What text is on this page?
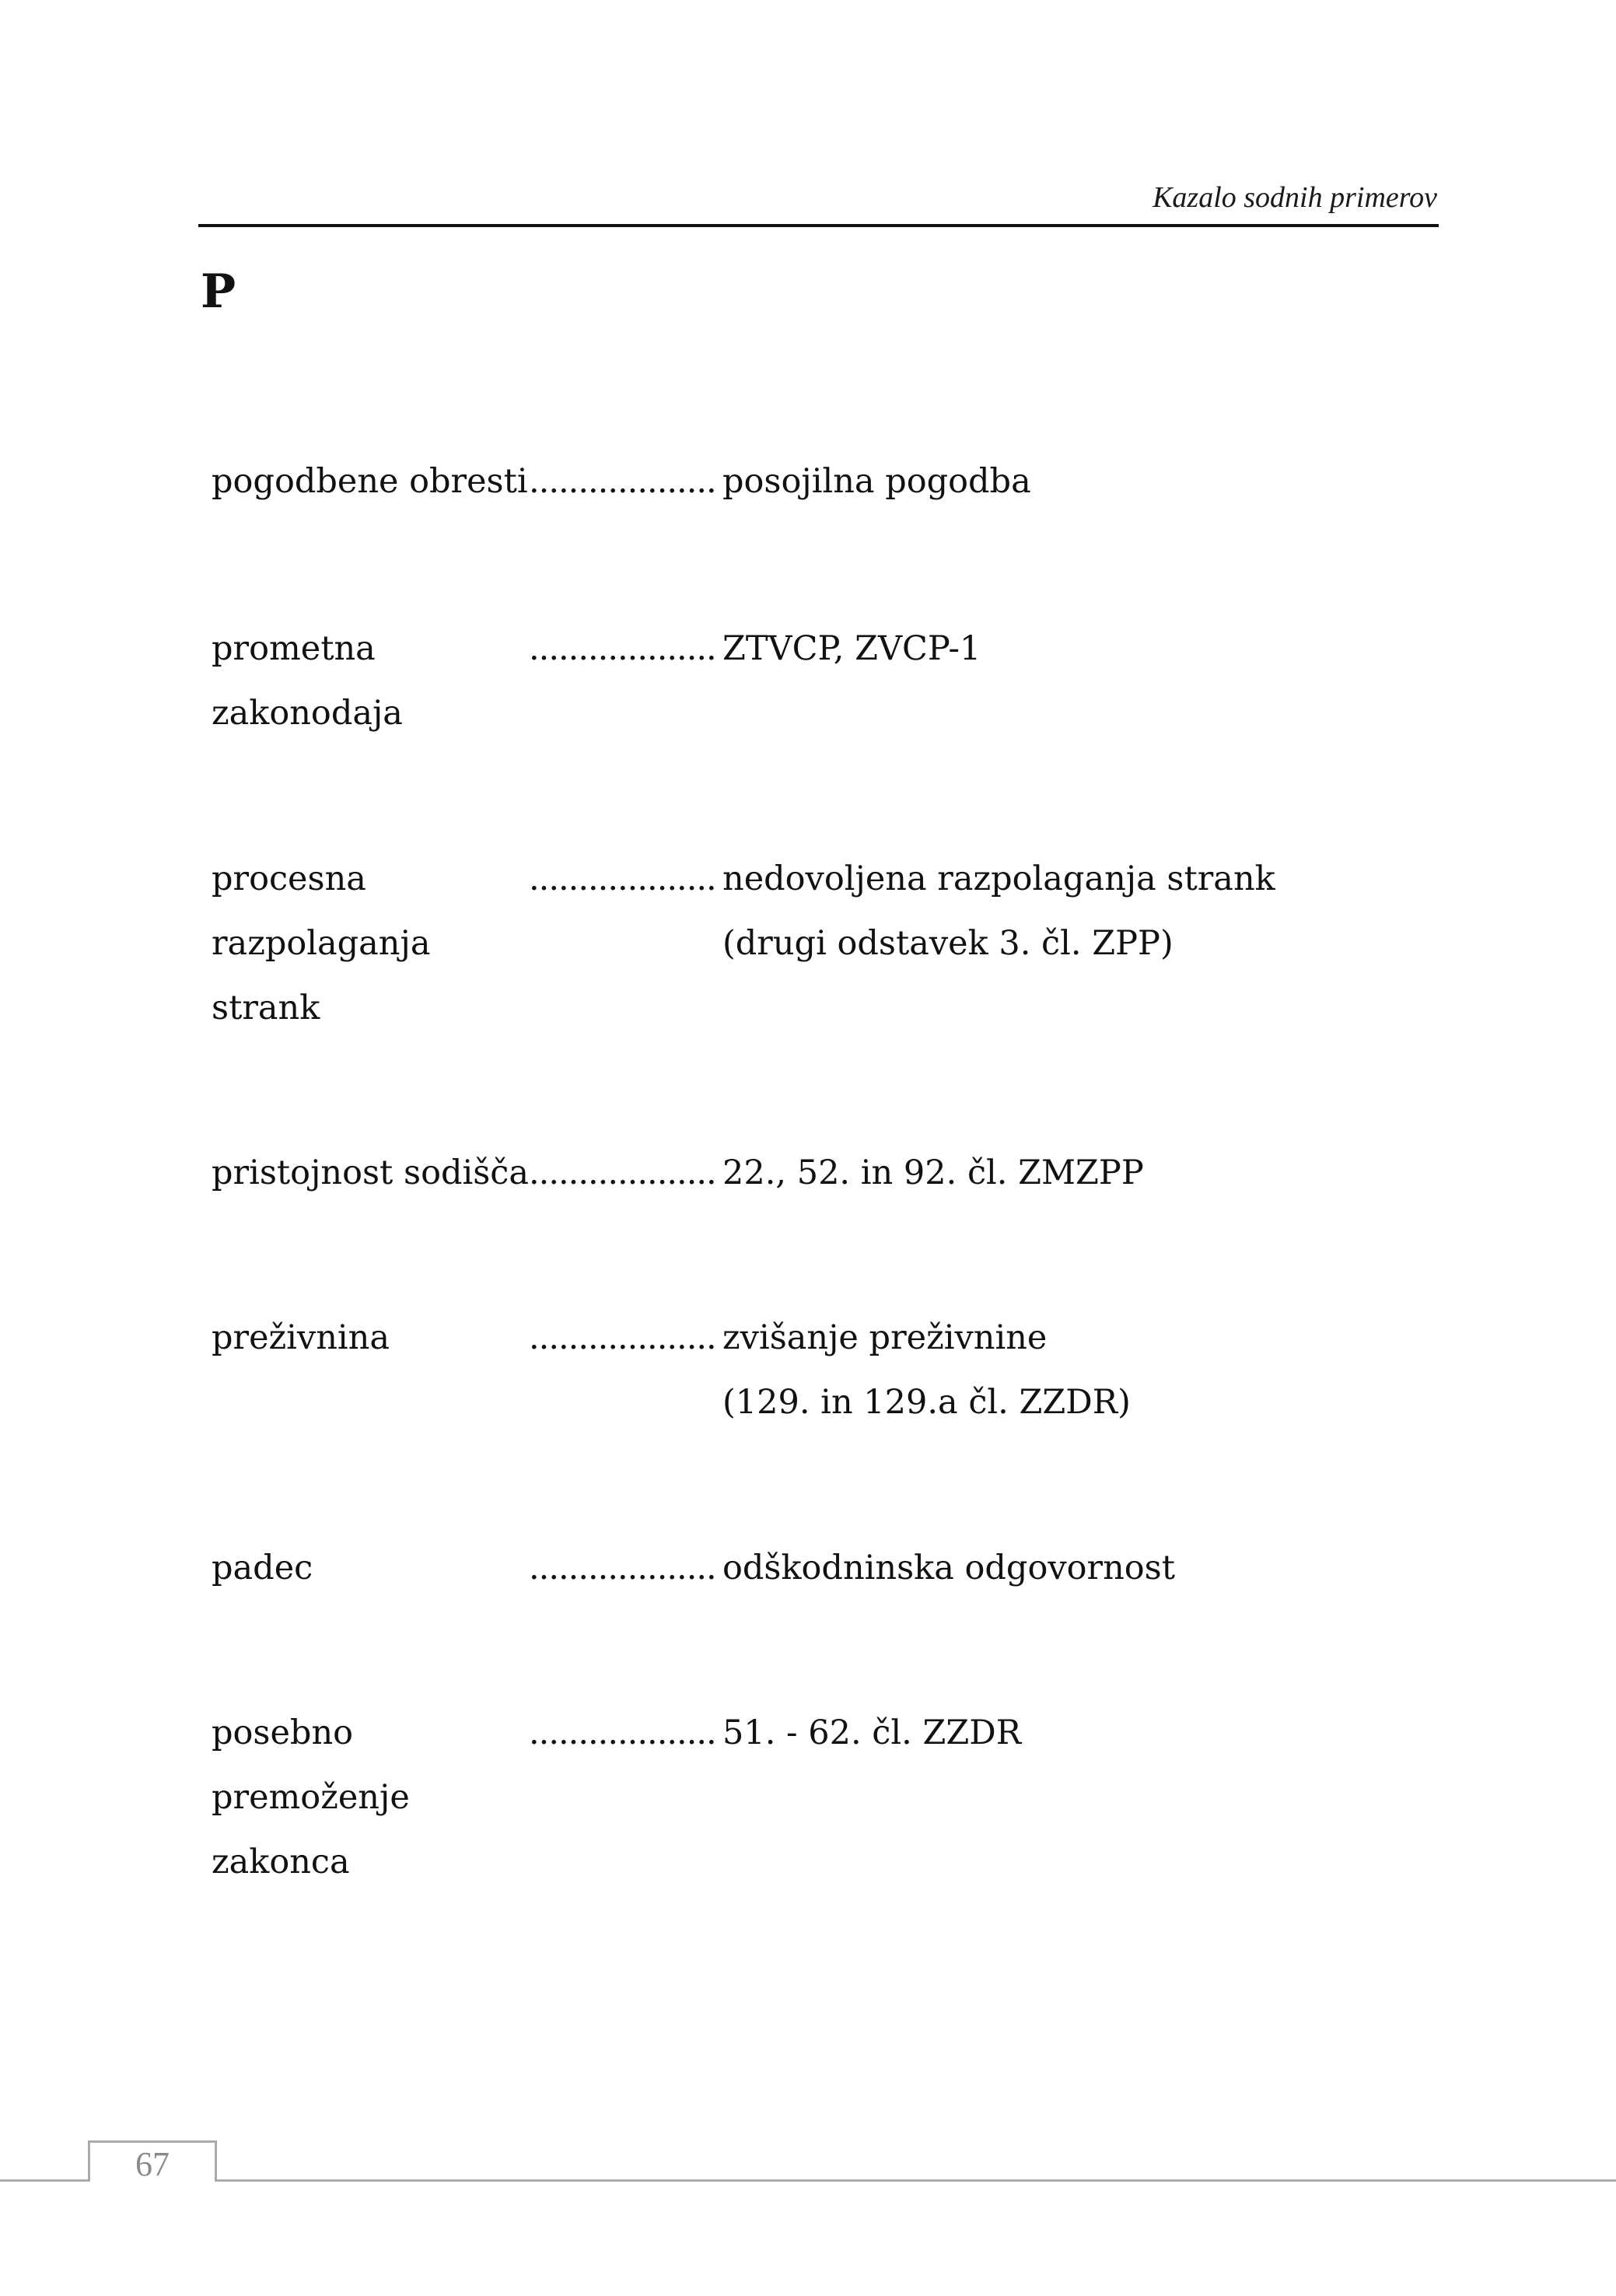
Kazalo sodnih primerov
P
pogodbene obresti ................... posojilna pogodba
prometna
zakonodaja
................... ZTVCP, ZVCP-1
procesna
razpolaganja
strank
................... nedovoljena razpolaganja strank
(drugi odstavek 3. čl. ZPP)
pristojnost sodišča ................... 22., 52. in 92. čl. ZMZPP
preživnina	................... zvišanje preživnine
(129. in 129.a čl. ZZDR)
padec	................... odškodninska odgovornost
posebno
premoženje
zakonca
................... 51. - 62. čl. ZZDR
67
